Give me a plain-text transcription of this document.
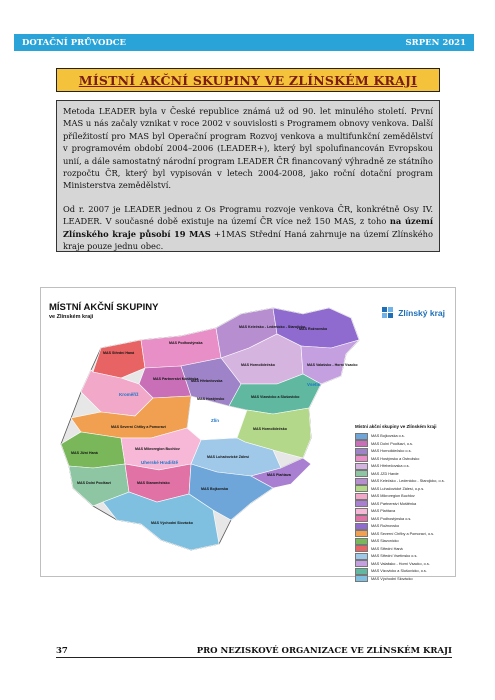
DOTAČNÍ PRŮVODCE	SRPEN 2021
MÍSTNÍ AKČNÍ SKUPINY VE ZLÍNSKÉM KRAJI

Metoda LEADER byla v České republice známá už od 90. let minulého století. První MAS u nás začaly vznikat v roce 2002 v souvislosti s Programem obnovy venkova. Další příležitostí pro MAS byl Operační program Rozvoj venkova a multifunkční zemědělství v programovém období 2004–2006 (LEADER+), který byl spolufinancován Evropskou unií, a dále samostatný národní program LEADER ČR financovaný výhradně ze státního rozpočtu ČR, který byl vypisován v letech 2004-2008, jako roční dotační program Ministerstva zemědělství.

Od r. 2007 je LEADER jednou z Os Programu rozvoje venkova ČR, konkrétně Osy IV. LEADER. V současné době existuje na území ČR více než 150 MAS, z toho na území Zlínského kraje působí 19 MAS +1MAS Střední Haná zahrnuje na území Zlínského kraje pouze jednu obec.

MAS Střední Haná
MAS Podhostýnska
MAS Partnerství Moštěnka
MAS Kelečsko - Ledenicko - Starojicko
MAS Rožnovsko
MAS Hornolidečsko	MAS Valašsko - Horní Vsacko
MAS Hřebečovska
MAS Vizovicko a Slušovicko
MAS Hostýnsko
MAS Severní Chřiby a Pomoraví
MAS Jižní Haná
MAS Hornolidečsko
MAS Luhačovické Zálesí
MAS Mikroregion Buchlov
MAS Dolní Poolšaví	MAS Staroměstsko
MAS Bojkovska
MAS Plaňtava
MAS Východní Slovácko
Kroměříž
Zlín
Vsetín
Uherské Hradiště
MÍSTNÍ AKČNÍ SKUPINY
ve Zlínském kraji	Zlínský kraj
Místní akční skupiny ve Zlínském kraji
MAS Bojkovska o.s.
MAS Dolní Poolšaví, o.s.
MAS Hornolidečsko o.s.
MAS Hostýnsko a Ostrožsko
MAS Hřebečovska o.s.
MAS JZD Harde
MAS Kelečsko - Ledenicko - Starojicko, o.s.
MAS Luhačovické Zálesí, o.p.s.
MAS Mikroregion Buchlov
MAS Partnerství Moštěnka
MAS Plaňtava
MAS Podhostýnska o.s.
MAS Rožnovsko
MAS Severní Chřiby a Pomoraví, o.s.
MAS Slavonicko
MAS Střední Haná
MAS Střední Vsetínsko o.s.
MAS Valašsko - Horní Vsacko, o.s.
MAS Vizovicko a Slušovicko, o.s.
MAS Východní Slovácko
37	PRO NEZISKOVÉ ORGANIZACE VE ZLÍNSKÉM KRAJI
